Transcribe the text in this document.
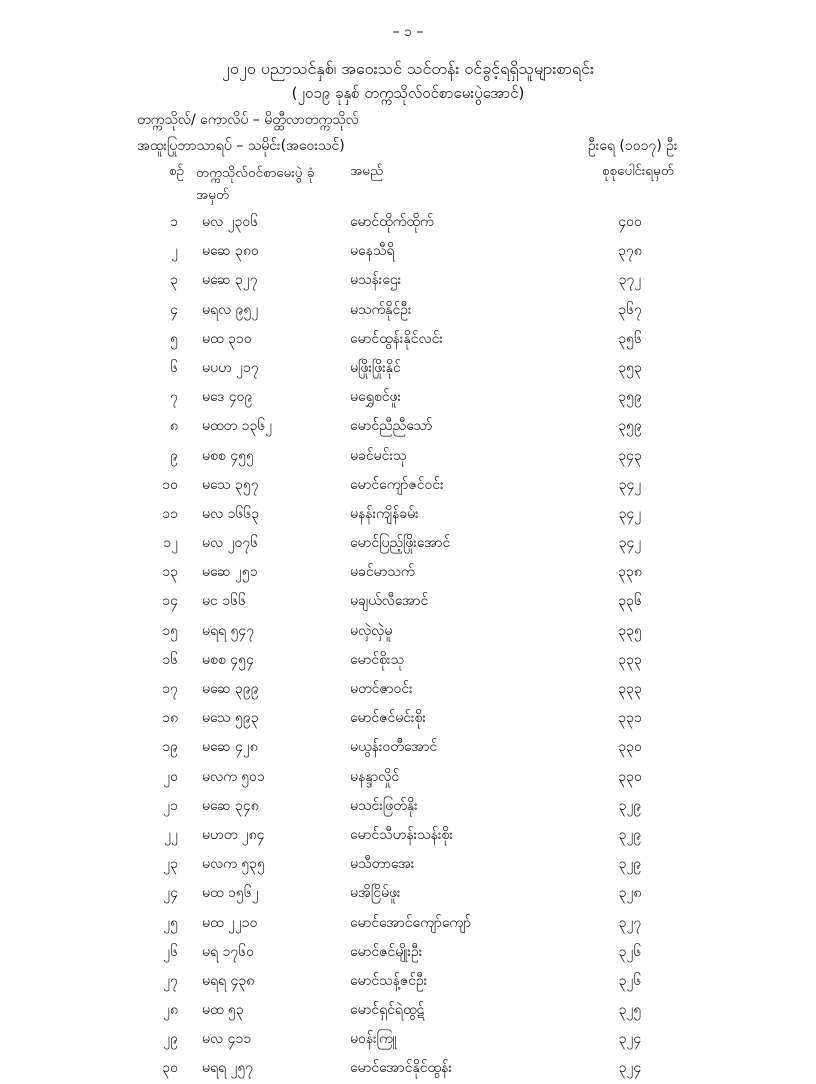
– ၁ –
၂၀၂၀ ပညာသင်နှစ်၊ အဝေးသင် သင်တန်း ဝင်ခွင့်ရရှိသူများစာရင်း
(၂၀၁၉ ခုနှစ် တက္ကသိုလ်ဝင်စာမေးပွဲအောင်)
တက္ကသိုလ်/ ကောလိပ် – မိတ္ထီလာတက္ကသိုလ်
အထူးပြုဘာသာရပ် – သမိုင်း(အဝေးသင်)	ဦးရေ (၁၀၁၇) ဦး
စဉ် တက္ကသိုလ်ဝင်စာမေးပွဲ ခုံအမှတ်
အမည်	စုစုပေါင်းရမှတ်
၁ မလ ၂၃၀၆	မောင်ထိုက်ထိုက်	၄၀၀
၂ မဆေ ၃၈၀	မနေသီရိ	၃၇၈
၃ မဆေ ၃၂၇	မသန်းဌေး	၃၇၂
၄ မရလ ၉၅၂	မသက်နိုင်ဦး	၃၆၇
၅ မထ ၃၁၀	မောင်ထွန်းနိုင်လင်း	၃၅၆
၆ မပဟ ၂၁၇	မဖြိုးဖြိုးနိုင်	၃၅၃
၇ မဒေ ၄၀၉	မရွှေစင်ဖူး	၃၅၉
၈ မထတ ၁၃၆၂	မောင်ညီညီသော်	၃၅၉
၉ မစစ ၄၅၅	မခင်မင်းသု	၃၄၃
၁၀ မသေ ၃၅၇	မောင်ကျော်ဇင်ဝင်း	၃၄၂
၁၁ မလ ၁၆၆၃	မနန်းကျိန်ခမ်း	၃၄၂
၁၂ မလ ၂၀၇၆	မောင်ပြည့်ဖြိုးအောင်	၃၄၂
၁၃ မဆေ ၂၅၁	မခင်မာသက်	၃၃၈
၁၄ မင ၁၆၆	မချယ်လီအောင်	၃၃၆
၁၅ မရရ ၅၄၇	မလှဲလှဲမူ	၃၃၅
၁၆ မစစ ၄၅၄	မောင်စိုးသု	၃၃၃
၁၇ မဆေ ၃၉၉	မတင်ဇာဝင်း	၃၃၃
၁၈ မသေ ၅၉၃	မောင်ဇင်မင်းစိုး	၃၃၁
၁၉ မဆေ ၄၂၈	မယွန်းဝတီအောင်	၃၃၀
၂၀ မလက ၅၀၁	မနန္ဒာလှိုင်	၃၃၀
၂၁ မဆေ ၃၄၈	မသင်းဖြတ်နိုး	၃၂၉
၂၂ မဟတ ၂၈၄	မောင်သီဟန်းသန်းစိုး	၃၂၉
၂၃ မလက ၅၃၅	မသီတာအေး	၃၂၉
၂၄ မထ ၁၅၆၂	မအိငြိမ်ဖူး	၃၂၈
၂၅ မထ ၂၂၁၀	မောင်အောင်ကျော်ကျော်	၃၂၇
၂၆ မရ ၁၇၆၀	မောင်ဇင်မျိုးဦး	၃၂၆
၂၇ မရရ ၄၃၈	မောင်သန့်ဇင်ဦး	၃၂၆
၂၈ မထ ၅၃	မောင်ရှင်ရဲထွဋ်	၃၂၅
၂၉ မလ ၄၁၁	မဝန်းကြူ	၃၂၄
၃၀ မရရ ၂၅၇	မောင်အောင်နိုင်ထွန်း	၃၂၄
